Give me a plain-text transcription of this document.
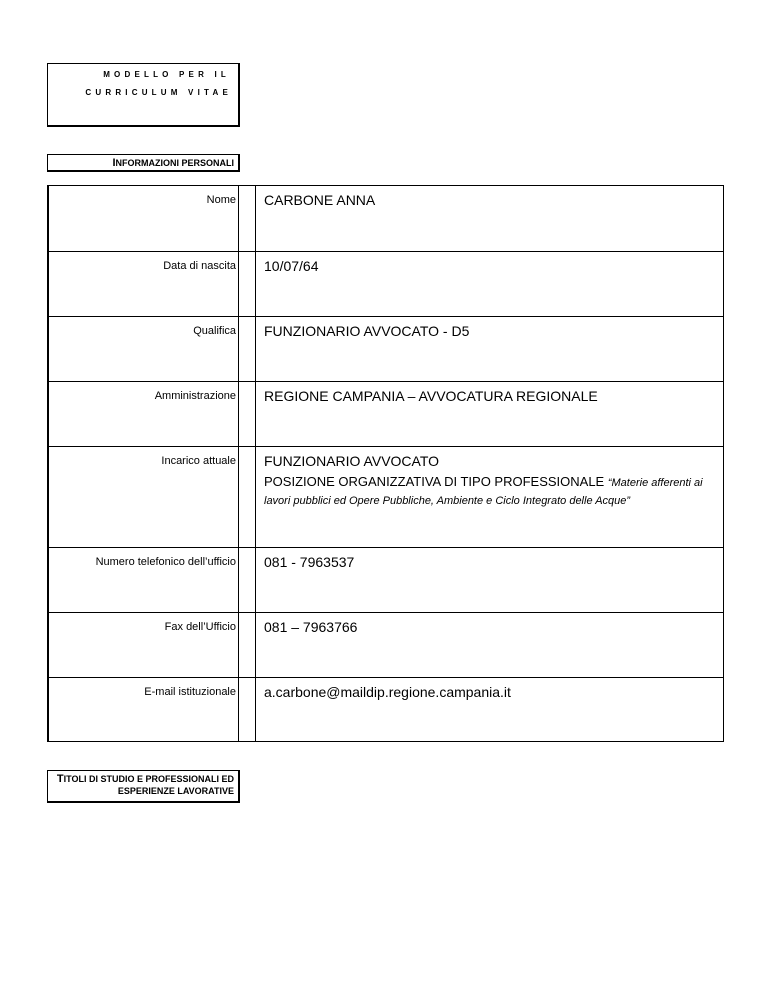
MODELLO PER IL
CURRICULUM VITAE
INFORMAZIONI PERSONALI
Nome CARBONE ANNA
Data di nascita 10/07/64
Qualifica FUNZIONARIO AVVOCATO - D5
Amministrazione REGIONE CAMPANIA – AVVOCATURA REGIONALE
Incarico attuale FUNZIONARIO AVVOCATO
POSIZIONE ORGANIZZATIVA DI TIPO PROFESSIONALE “Materie afferenti ai
lavori pubblici ed Opere Pubbliche, Ambiente e Ciclo Integrato delle Acque”
Numero telefonico dell’ufficio 081 - 7963537
Fax dell’Ufficio 081 – 7963766
E-mail istituzionale a.carbone@maildip.regione.campania.it
TITOLI DI STUDIO E PROFESSIONALI ED
ESPERIENZE LAVORATIVE
